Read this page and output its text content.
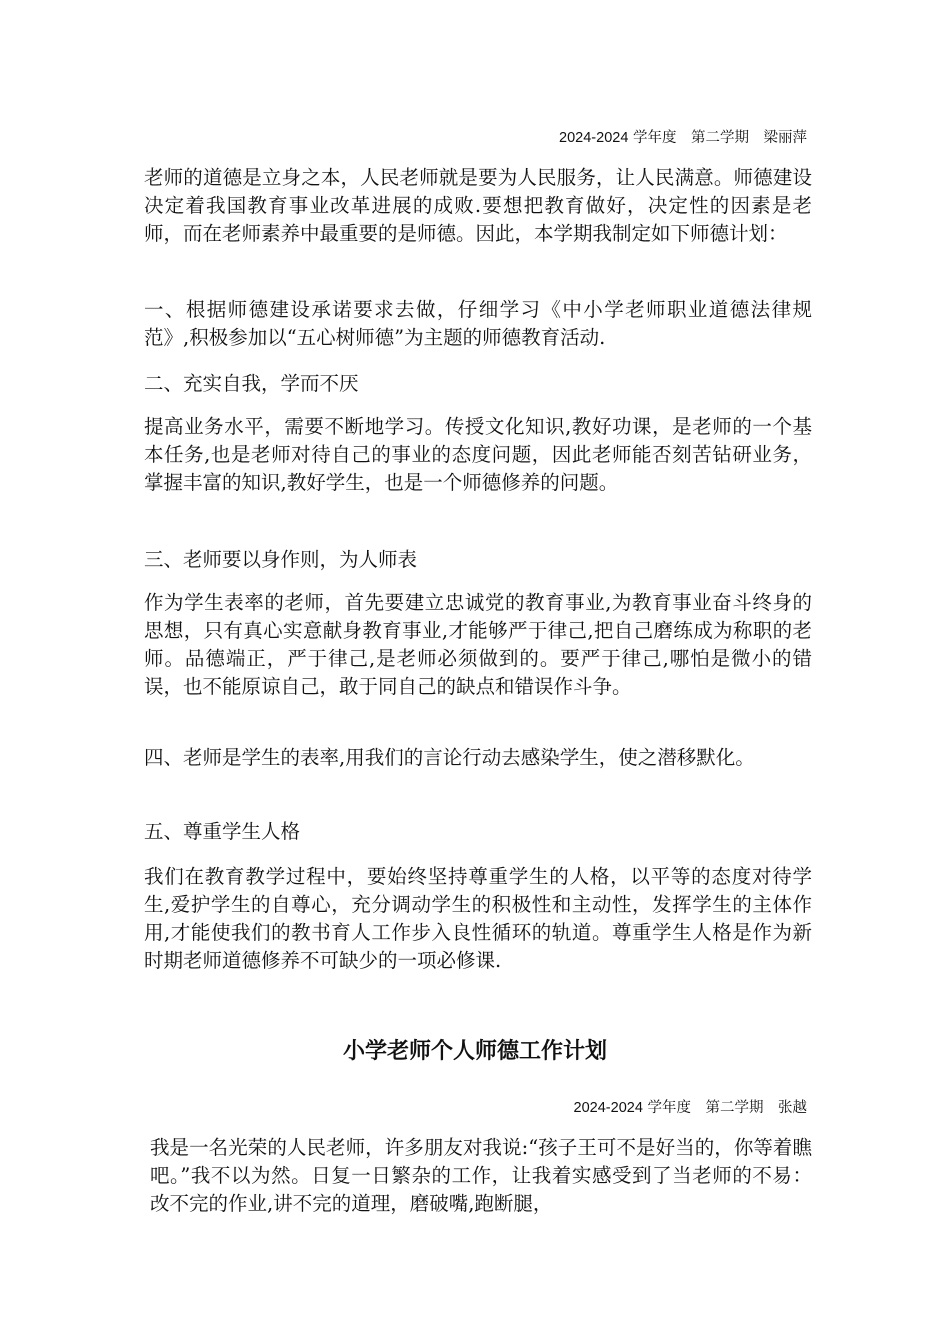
2024-2024 学年度　第二学期　梁丽萍

老师的道德是立身之本，人民老师就是要为人民服务，让人民满意。师德建设决定着我国教育事业改革进展的成败.要想把教育做好，决定性的因素是老师，而在老师素养中最重要的是师德。因此，本学期我制定如下师德计划：

一、根据师德建设承诺要求去做，仔细学习《中小学老师职业道德法律规范》,积极参加以“五心树师德”为主题的师德教育活动.

二、充实自我，学而不厌

提高业务水平，需要不断地学习。传授文化知识,教好功课，是老师的一个基本任务,也是老师对待自己的事业的态度问题，因此老师能否刻苦钻研业务，掌握丰富的知识,教好学生，也是一个师德修养的问题。

三、老师要以身作则，为人师表

作为学生表率的老师，首先要建立忠诚党的教育事业,为教育事业奋斗终身的思想，只有真心实意献身教育事业,才能够严于律己,把自己磨练成为称职的老师。品德端正，严于律己,是老师必须做到的。要严于律己,哪怕是微小的错误，也不能原谅自己，敢于同自己的缺点和错误作斗争。

四、老师是学生的表率,用我们的言论行动去感染学生，使之潜移默化。

五、尊重学生人格

我们在教育教学过程中，要始终坚持尊重学生的人格，以平等的态度对待学生,爱护学生的自尊心，充分调动学生的积极性和主动性，发挥学生的主体作用,才能使我们的教书育人工作步入良性循环的轨道。尊重学生人格是作为新时期老师道德修养不可缺少的一项必修课.

小学老师个人师德工作计划
2024-2024 学年度　第二学期　张越

我是一名光荣的人民老师，许多朋友对我说:“孩子王可不是好当的，你等着瞧吧。”我不以为然。日复一日繁杂的工作，让我着实感受到了当老师的不易：改不完的作业,讲不完的道理，磨破嘴,跑断腿，
